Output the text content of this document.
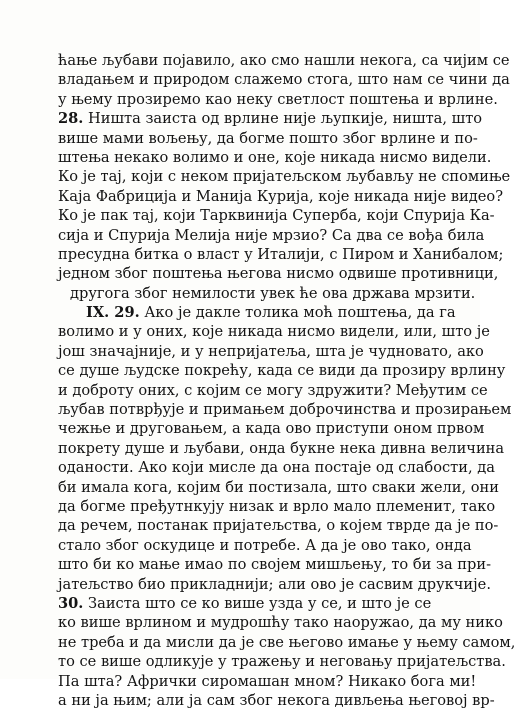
ћање љубави појавило, ако смо нашли некога, са чијим се
владањем и природом слажемо стога, што нам се чини да
у њему прозиремо као неку светлост поштења и врлине.
28. Ништа заиста од врлине није љупкије, ништа, што
више мами вољењу, да богме пошто због врлине и по-
штења некако волимо и оне, које никада нисмо видели.
Ко је тај, који с неком пријатељском љубављу не спомиње
Каја Фабриција и Манија Курија, које никада није видео?
Ко је пак тај, који Тарквинија Суперба, који Спурија Ка-
сија и Спурија Мелија није мрзио? Са два се вођа била
пресудна битка о власт у Италији, с Пиром и Ханибалом;
једном због поштења његова нисмо одвише противници,
другога због немилости увек ће ова држава мрзити.
IX. 29. Ако је дакле толика моћ поштења, да га
волимо и у оних, које никада нисмо видели, или, што је
још значајније, и у непријатеља, шта је чудновато, ако
се душе људске покрећу, када се види да прозиру врлину
и доброту оних, с којим се могу здружити? Међутим се
љубав потврђује и примањем доброчинства и прозирањем
чежње и друговањем, а када ово приступи оном првом
покрету душе и љубави, онда букне нека дивна величина
оданости. Ако који мисле да она постаје од слабости, да
би имала кога, којим би постизала, што сваки жели, они
да богме пређутнкују низак и врло мало племенит, тако
да речем, постанак пријатељства, о којем тврде да је по-
стало због оскудице и потребе. А да је ово тако, онда
што би ко мање имао по своjем мишљењу, то би за при-
јатељство био прикладнији; али ово је сасвим друкчије.
30. Заиста што се ко више узда у се, и што је се
ко више врлином и мудрошћу тако наоружао, да му нико
не треба и да мисли да је све његово имање у њему самом,
то се више одликује у тражењу и неговању пријатељства.
Па шта? Афрички сиромашан мном? Никако бога ми!
а ни ја њим; али ја сам због некога дивљења његовој вр-
